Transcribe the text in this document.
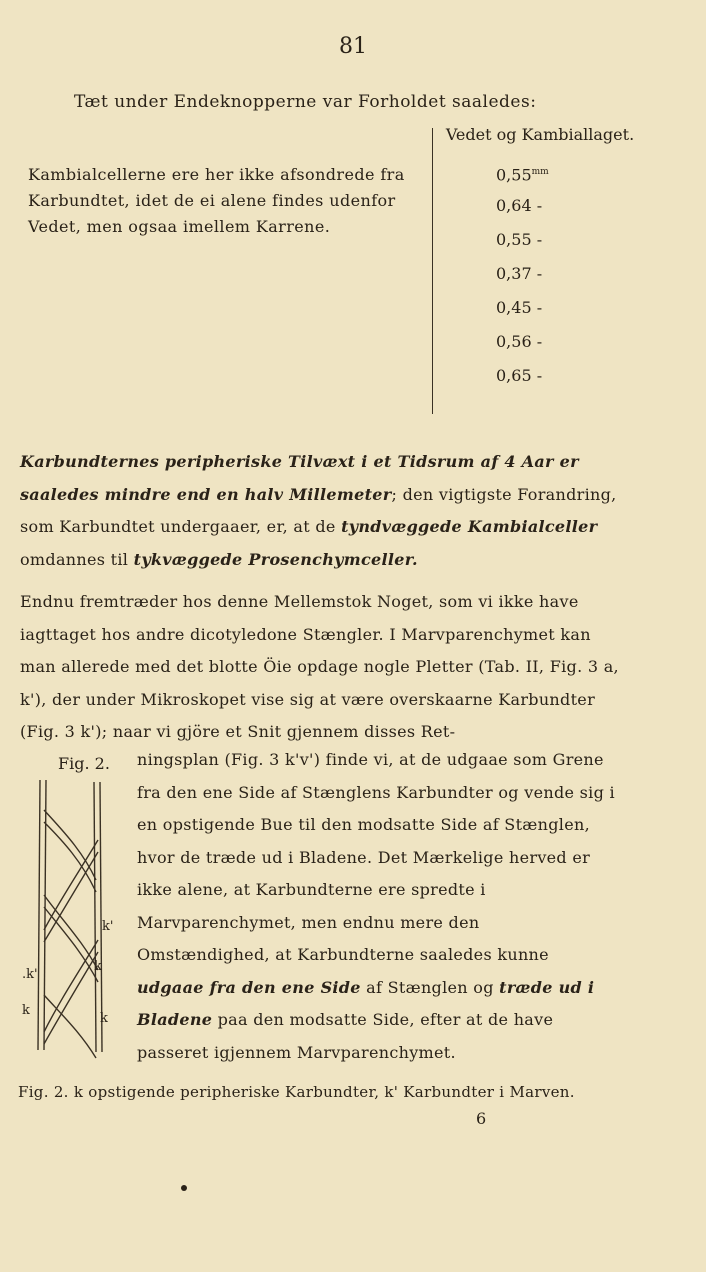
81
Tæt under Endeknopperne var Forholdet saaledes:
Kambialcellerne ere her ikke afsondrede fra Karbundtet, idet de ei alene findes udenfor Vedet, men ogsaa imellem Karrene.
Vedet og Kambiallaget.
$0,55^{mm}$
0,64 -
0,55 -
0,37 -
0,45 -
0,56 -
0,65 -
Karbundternes peripheriske Tilvæxt i et Tidsrum af 4 Aar er saaledes mindre end en halv Millemeter; den vigtigste Forandring, som Karbundtet undergaaer, er, at de tyndvæggede Kambialceller omdannes til tykvæggede Prosenchymceller.
Endnu fremtræder hos denne Mellemstok Noget, som vi ikke have iagttaget hos andre dicotyledone Stængler. I Marvparenchymet kan man allerede med det blotte Öie opdage nogle Pletter (Tab. II, Fig. 3 a, k'), der under Mikroskopet vise sig at være overskaarne Karbundter (Fig. 3 k'); naar vi gjöre et Snit gjennem disses Ret-
Fig. 2.
k'
k
.k'
k
k
ningsplan (Fig. 3 k'v') finde vi, at de udgaae som Grene fra den ene Side af Stænglens Karbundter og vende sig i en opstigende Bue til den modsatte Side af Stænglen, hvor de træde ud i Bladene. Det Mærkelige herved er ikke alene, at Karbundterne ere spredte i Marvparenchymet, men endnu mere den Omstændighed, at Karbundterne saaledes kunne udgaae fra den ene Side af Stænglen og træde ud i Bladene paa den modsatte Side, efter at de have passeret igjennem Marvparenchymet.
Fig. 2. k opstigende peripheriske Karbundter, k' Karbundter i Marven.
6
